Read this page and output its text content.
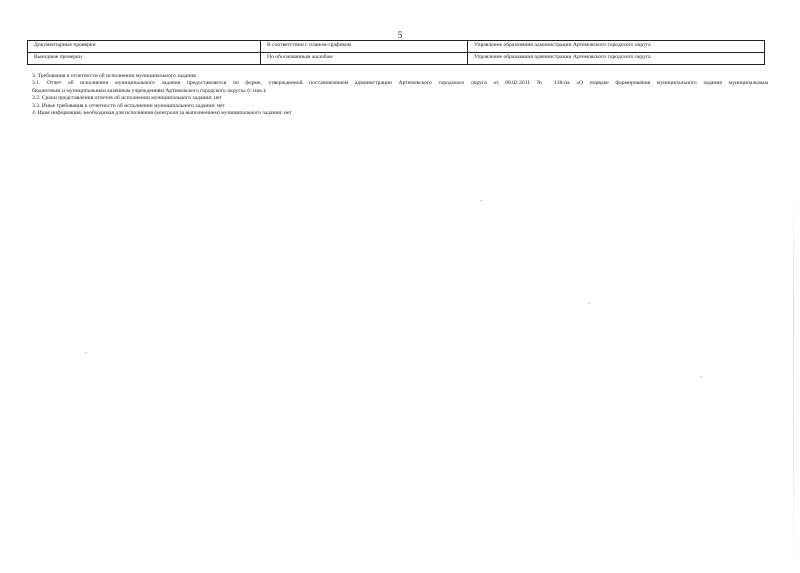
5
Документарные проверки	В соответствии с планом-графиком	Управление образования администрации Артемовского городского округа
Выездные проверки	По обоснованным жалобам	Управление образования администрации Артемовского городского округа

3. Требования к отчетности об исполнении муниципального задания

3.1. Отчет об исполнении муниципального задания предоставляется по форме, утвержденной постановлением администрации Артемовского городского округа от 08.02.2011 № 138-па «О порядке формирования муниципального задания муниципальным

бюджетным и муниципальным казенным учреждениям Артемовского городского округа» (с изм.);

3.2. Сроки представления отчетов об исполнении муниципального задания: нет

3.3. Иные требования к отчетности об исполнении муниципального задания: нет

4. Иная информация, необходимая для исполнения (контроля за выполнением) муниципального задания: нет
